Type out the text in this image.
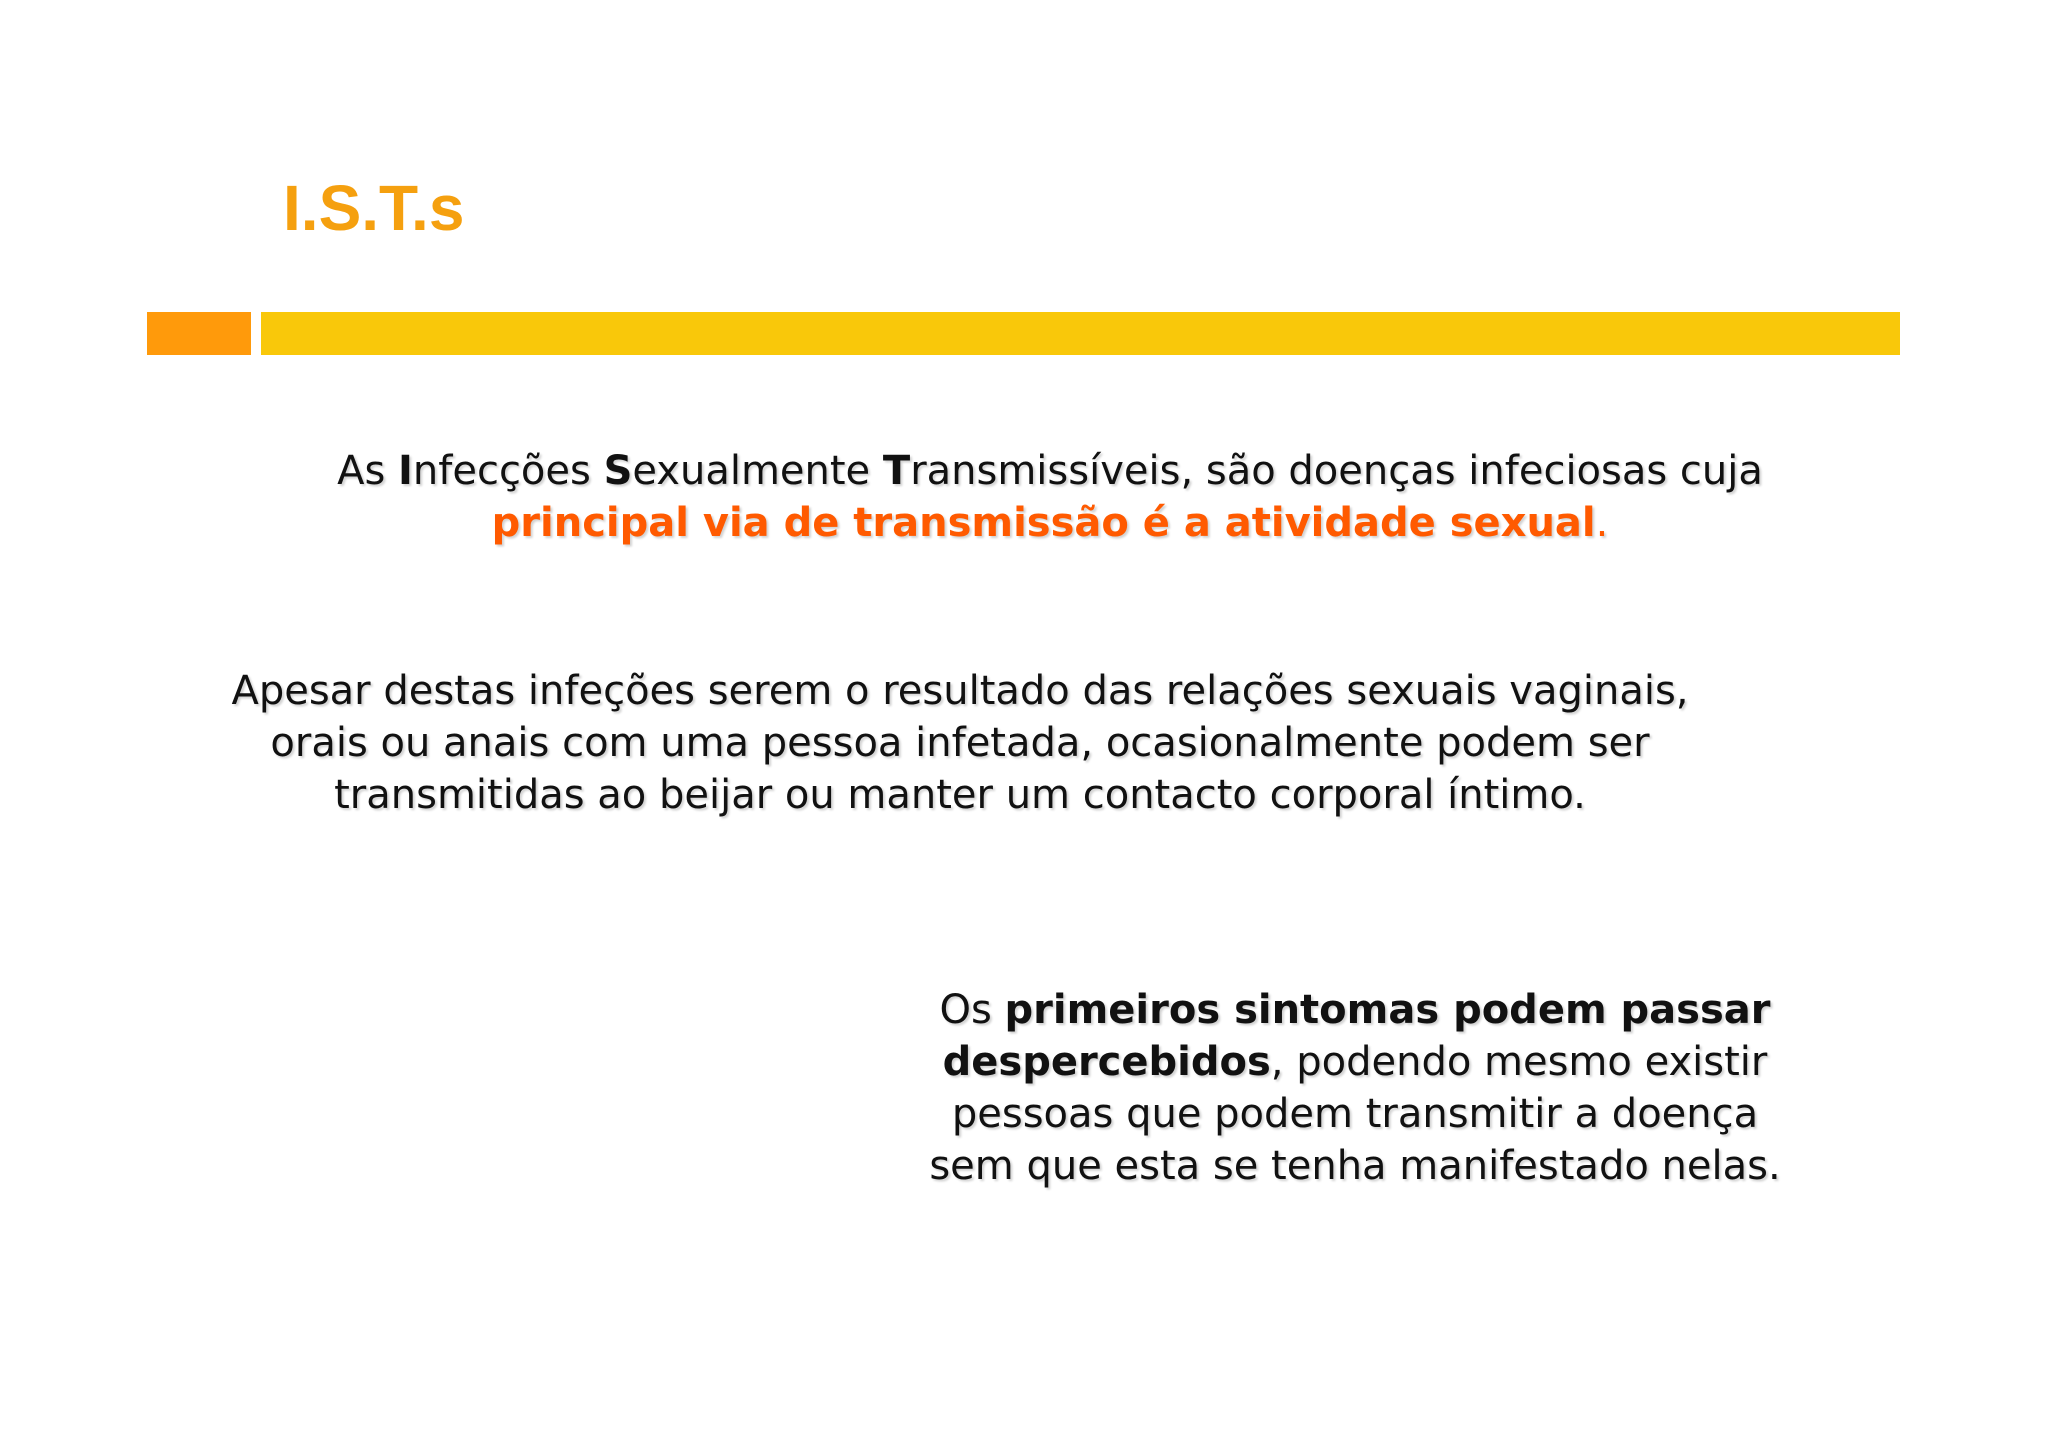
I.S.T.s
As Infecções Sexualmente Transmissíveis, são doenças infeciosas cuja
principal via de transmissão é a atividade sexual.
Apesar destas infeções serem o resultado das relações sexuais vaginais,
orais ou anais com uma pessoa infetada, ocasionalmente podem ser
transmitidas ao beijar ou manter um contacto corporal íntimo.
Os primeiros sintomas podem passar
despercebidos, podendo mesmo existir
pessoas que podem transmitir a doença
sem que esta se tenha manifestado nelas.
